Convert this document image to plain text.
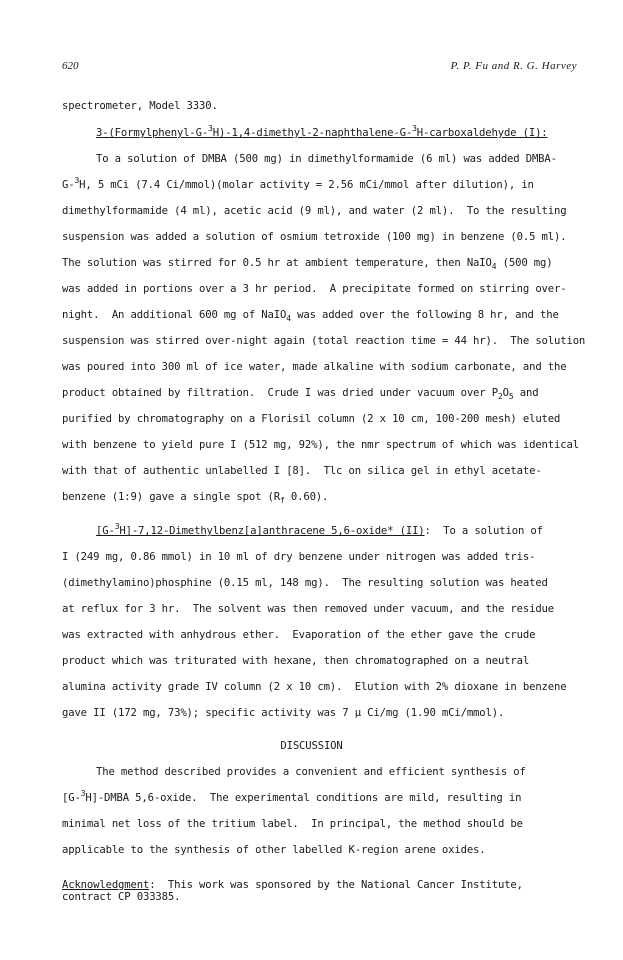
620	P. P. Fu and R. G. Harvey
spectrometer, Model 3330.
3-(Formylphenyl-G-$^3$H)-1,4-dimethyl-2-naphthalene-G-$^3$H-carboxaldehyde (I):
To a solution of DMBA (500 mg) in dimethylformamide (6 ml) was added DMBA-
G-$^3$H, 5 mCi (7.4 Ci/mmol)(molar activity = 2.56 mCi/mmol after dilution), in
dimethylformamide (4 ml), acetic acid (9 ml), and water (2 ml).  To the resulting
suspension was added a solution of osmium tetroxide (100 mg) in benzene (0.5 ml).
The solution was stirred for 0.5 hr at ambient temperature, then NaIO$_4$ (500 mg)
was added in portions over a 3 hr period.  A precipitate formed on stirring over-
night.  An additional 600 mg of NaIO$_4$ was added over the following 8 hr, and the
suspension was stirred over-night again (total reaction time = 44 hr).  The solution
was poured into 300 ml of ice water, made alkaline with sodium carbonate, and the
product obtained by filtration.  Crude I was dried under vacuum over $P_2O_5$ and
purified by chromatography on a Florisil column (2 x 10 cm, 100-200 mesh) eluted
with benzene to yield pure I (512 mg, 92%), the nmr spectrum of which was identical
with that of authentic unlabelled I [8].  Tlc on silica gel in ethyl acetate-
benzene (1:9) gave a single spot ($R_f$ 0.60).
[G-$^3$H]-7,12-Dimethylbenz[a]anthracene 5,6-oxide* (II):  To a solution of
I (249 mg, 0.86 mmol) in 10 ml of dry benzene under nitrogen was added tris-
(dimethylamino)phosphine (0.15 ml, 148 mg).  The resulting solution was heated
at reflux for 3 hr.  The solvent was then removed under vacuum, and the residue
was extracted with anhydrous ether.  Evaporation of the ether gave the crude
product which was triturated with hexane, then chromatographed on a neutral
alumina activity grade IV column (2 x 10 cm).  Elution with 2% dioxane in benzene
gave II (172 mg, 73%); specific activity was 7 μ Ci/mg (1.90 mCi/mmol).
DISCUSSION
The method described provides a convenient and efficient synthesis of
[G-$^3$H]-DMBA 5,6-oxide.  The experimental conditions are mild, resulting in
minimal net loss of the tritium label.  In principal, the method should be
applicable to the synthesis of other labelled K-region arene oxides.
Acknowledgment:  This work was sponsored by the National Cancer Institute,
contract CP 033385.
